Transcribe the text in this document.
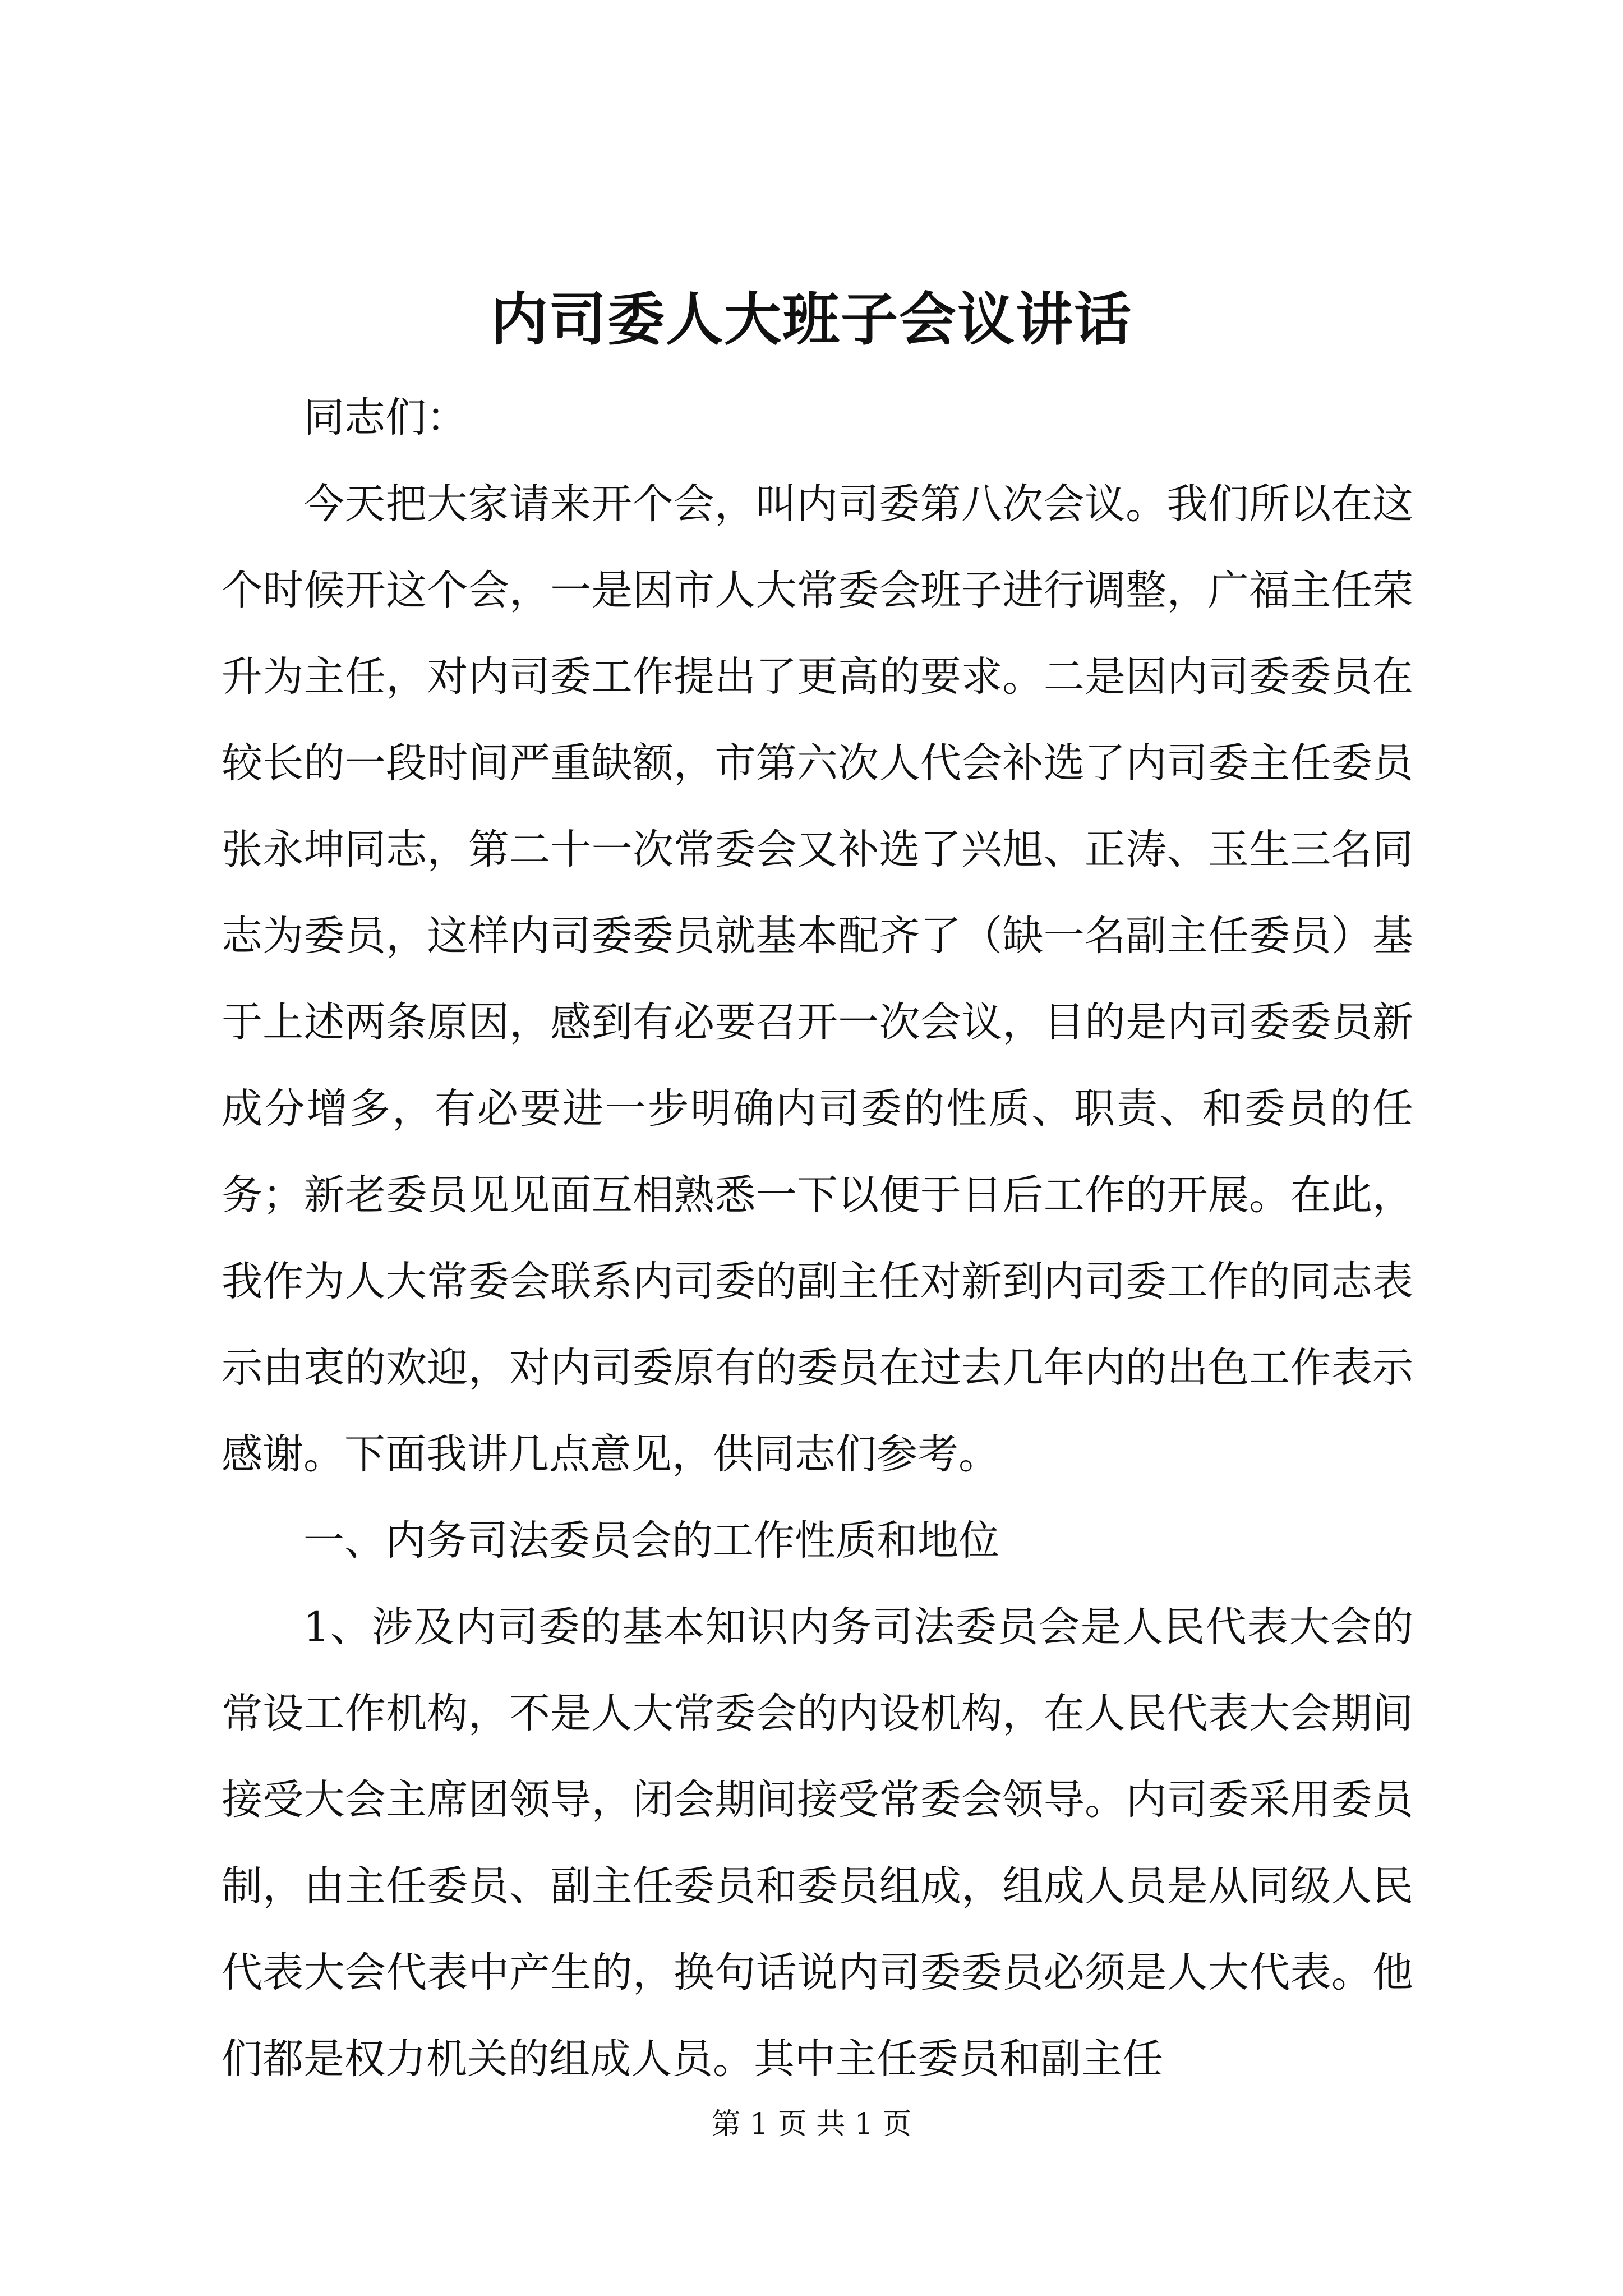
内司委人大班子会议讲话

同志们：

今天把大家请来开个会，叫内司委第八次会议。我们所以在这个时候开这个会，一是因市人大常委会班子进行调整，广福主任荣升为主任，对内司委工作提出了更高的要求。二是因内司委委员在较长的一段时间严重缺额，市第六次人代会补选了内司委主任委员张永坤同志，第二十一次常委会又补选了兴旭、正涛、玉生三名同志为委员，这样内司委委员就基本配齐了（缺一名副主任委员）基于上述两条原因，感到有必要召开一次会议，目的是内司委委员新成分增多，有必要进一步明确内司委的性质、职责、和委员的任务；新老委员见见面互相熟悉一下以便于日后工作的开展。在此，我作为人大常委会联系内司委的副主任对新到内司委工作的同志表示由衷的欢迎，对内司委原有的委员在过去几年内的出色工作表示感谢。下面我讲几点意见，供同志们参考。

一、内务司法委员会的工作性质和地位

1、涉及内司委的基本知识内务司法委员会是人民代表大会的常设工作机构，不是人大常委会的内设机构，在人民代表大会期间接受大会主席团领导，闭会期间接受常委会领导。内司委采用委员制，由主任委员、副主任委员和委员组成，组成人员是从同级人民代表大会代表中产生的，换句话说内司委委员必须是人大代表。他们都是权力机关的组成人员。其中主任委员和副主任

第 1 页 共 1 页
